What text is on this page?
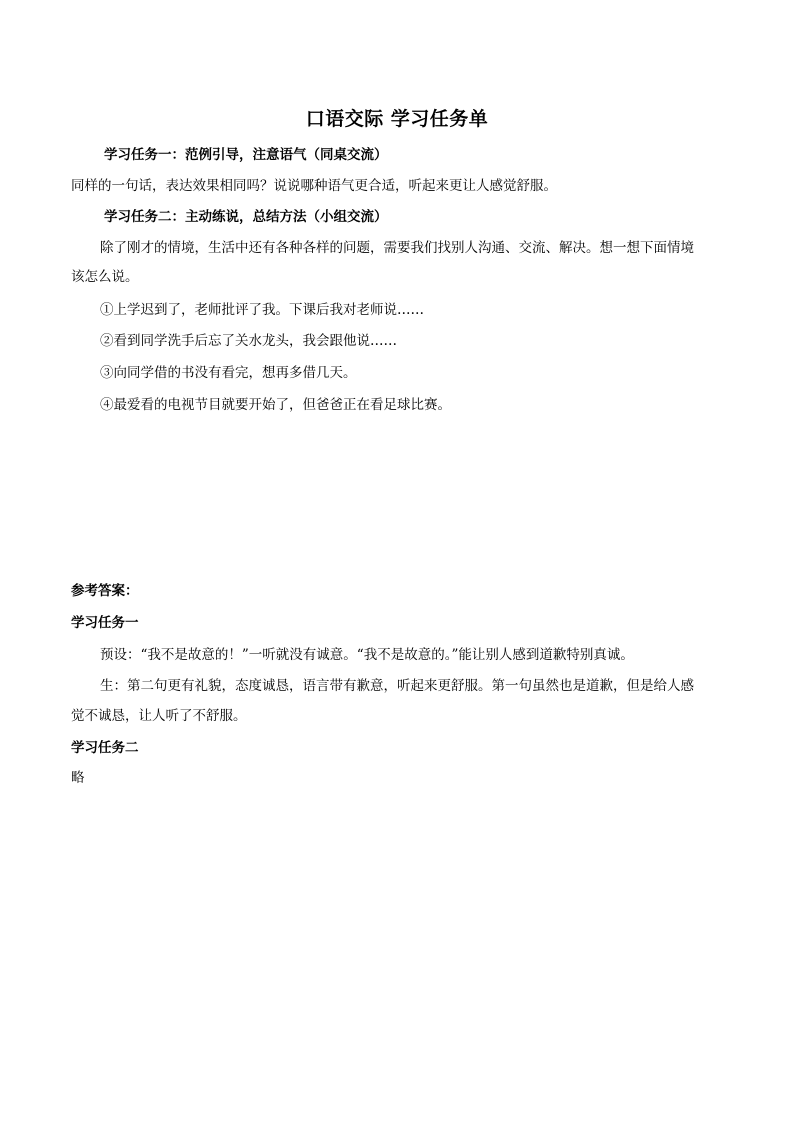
口语交际 学习任务单
学习任务一：范例引导，注意语气（同桌交流）
同样的一句话，表达效果相同吗？说说哪种语气更合适，听起来更让人感觉舒服。
学习任务二：主动练说，总结方法（小组交流）
除了刚才的情境，生活中还有各种各样的问题，需要我们找别人沟通、交流、解决。想一想下面情境
该怎么说。
①上学迟到了，老师批评了我。下课后我对老师说……
②看到同学洗手后忘了关水龙头，我会跟他说……
③向同学借的书没有看完，想再多借几天。
④最爱看的电视节目就要开始了，但爸爸正在看足球比赛。
参考答案：
学习任务一
预设：“我不是故意的！”一听就没有诚意。“我不是故意的。”能让别人感到道歉特别真诚。
生：第二句更有礼貌，态度诚恳，语言带有歉意，听起来更舒服。第一句虽然也是道歉，但是给人感
觉不诚恳，让人听了不舒服。
学习任务二
略
